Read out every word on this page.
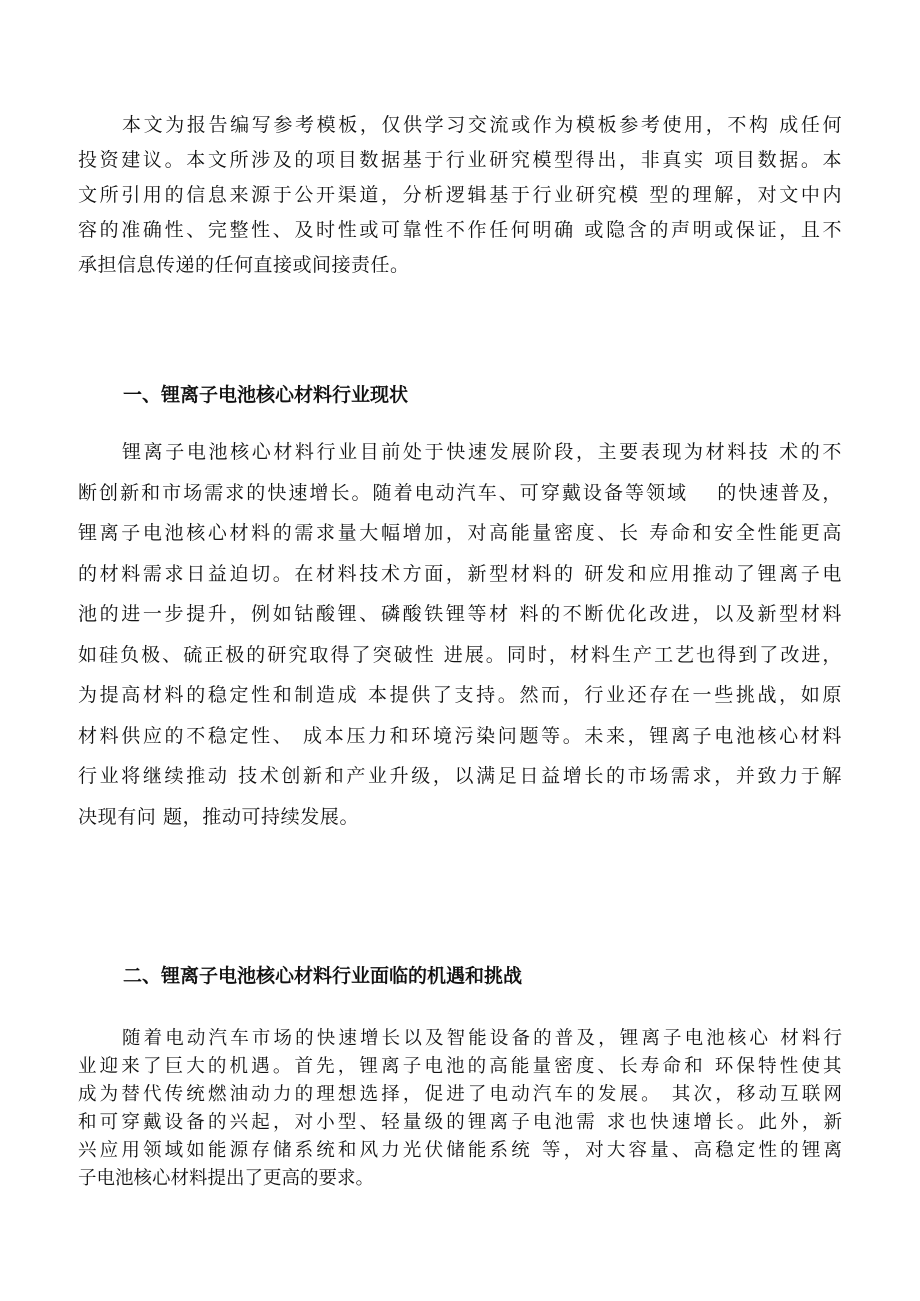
本文为报告编写参考模板，仅供学习交流或作为模板参考使用，不构 成任何
投资建议。本文所涉及的项目数据基于行业研究模型得出，非真实 项目数据。本
文所引用的信息来源于公开渠道，分析逻辑基于行业研究模 型的理解，对文中内
容的准确性、完整性、及时性或可靠性不作任何明确 或隐含的声明或保证，且不
承担信息传递的任何直接或间接责任。
一、锂离子电池核心材料行业现状
锂离子电池核心材料行业目前处于快速发展阶段，主要表现为材料技 术的不
断创新和市场需求的快速增长。随着电动汽车、可穿戴设备等领域　 的快速普及，
锂离子电池核心材料的需求量大幅增加，对高能量密度、长 寿命和安全性能更高
的材料需求日益迫切。在材料技术方面，新型材料的 研发和应用推动了锂离子电
池的进一步提升，例如钴酸锂、磷酸铁锂等材 料的不断优化改进，以及新型材料
如硅负极、硫正极的研究取得了突破性 进展。同时，材料生产工艺也得到了改进，
为提高材料的稳定性和制造成 本提供了支持。然而，行业还存在一些挑战，如原
材料供应的不稳定性、 成本压力和环境污染问题等。未来，锂离子电池核心材料
行业将继续推动 技术创新和产业升级，以满足日益增长的市场需求，并致力于解
决现有问 题，推动可持续发展。
二、锂离子电池核心材料行业面临的机遇和挑战
随着电动汽车市场的快速增长以及智能设备的普及，锂离子电池核心 材料行
业迎来了巨大的机遇。首先，锂离子电池的高能量密度、长寿命和 环保特性使其
成为替代传统燃油动力的理想选择，促进了电动汽车的发展。 其次，移动互联网
和可穿戴设备的兴起，对小型、轻量级的锂离子电池需 求也快速增长。此外，新
兴应用领域如能源存储系统和风力光伏储能系统 等，对大容量、高稳定性的锂离
子电池核心材料提出了更高的要求。
